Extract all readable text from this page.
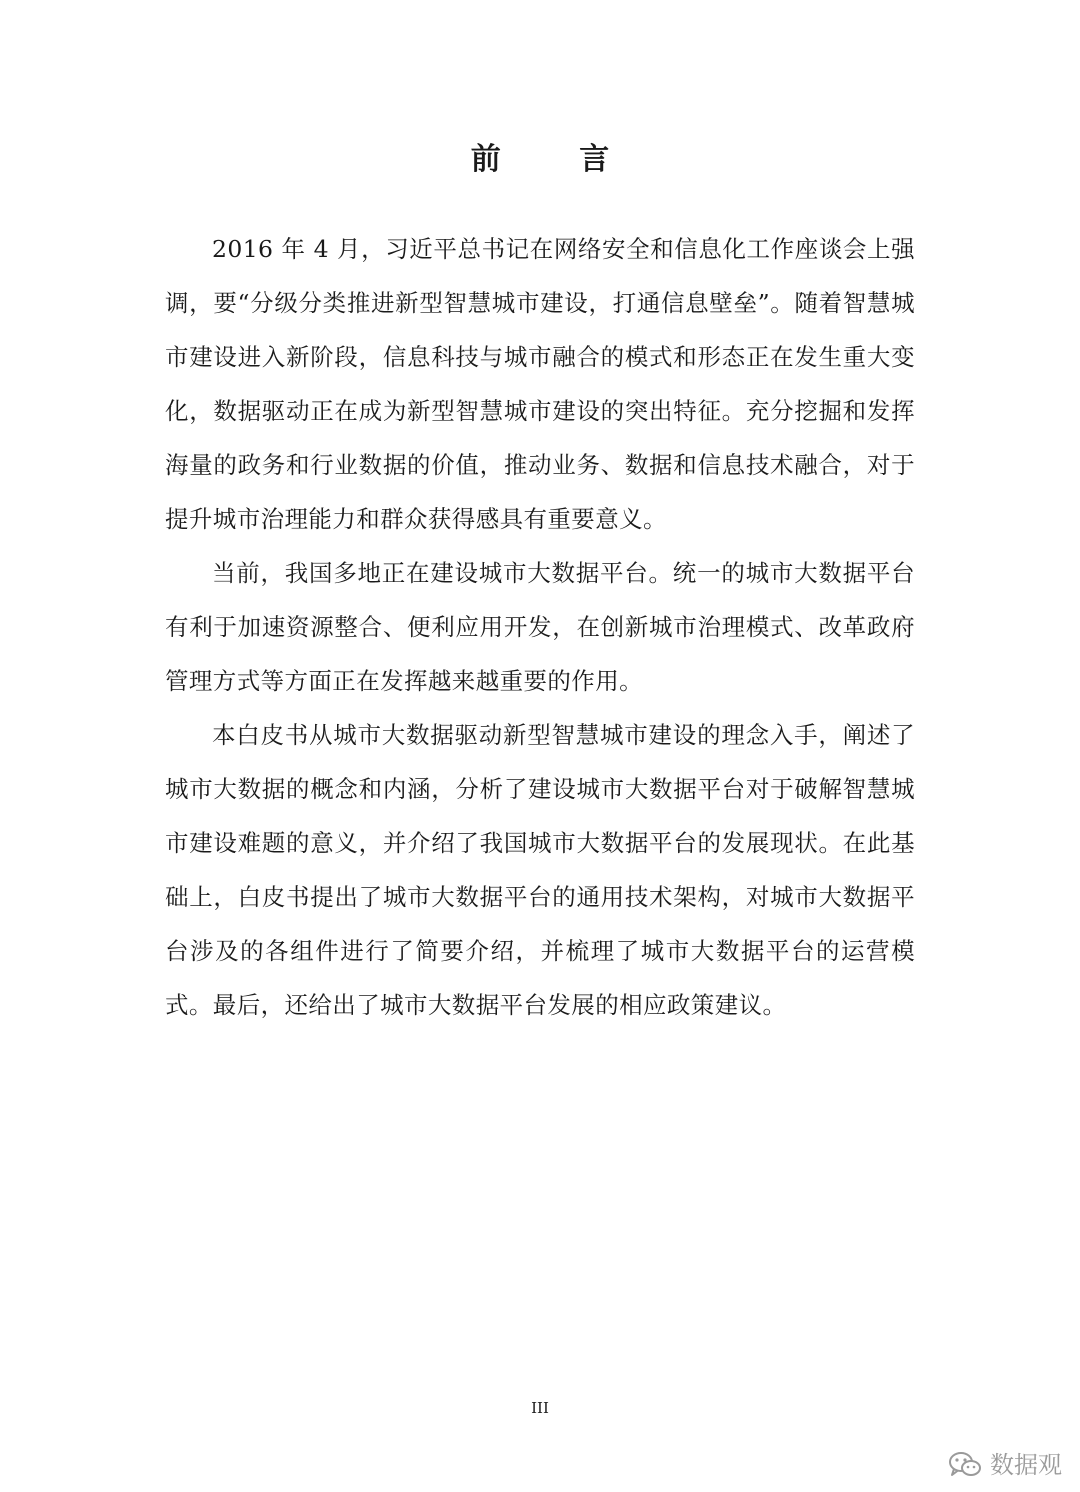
前 言

2016 年 4 月，习近平总书记在网络安全和信息化工作座谈会上强调，要“分级分类推进新型智慧城市建设，打通信息壁垒”。随着智慧城市建设进入新阶段，信息科技与城市融合的模式和形态正在发生重大变化，数据驱动正在成为新型智慧城市建设的突出特征。充分挖掘和发挥海量的政务和行业数据的价值，推动业务、数据和信息技术融合，对于提升城市治理能力和群众获得感具有重要意义。

当前，我国多地正在建设城市大数据平台。统一的城市大数据平台有利于加速资源整合、便利应用开发，在创新城市治理模式、改革政府管理方式等方面正在发挥越来越重要的作用。

本白皮书从城市大数据驱动新型智慧城市建设的理念入手，阐述了城市大数据的概念和内涵，分析了建设城市大数据平台对于破解智慧城市建设难题的意义，并介绍了我国城市大数据平台的发展现状。在此基础上，白皮书提出了城市大数据平台的通用技术架构，对城市大数据平台涉及的各组件进行了简要介绍，并梳理了城市大数据平台的运营模式。最后，还给出了城市大数据平台发展的相应政策建议。

III
数据观
